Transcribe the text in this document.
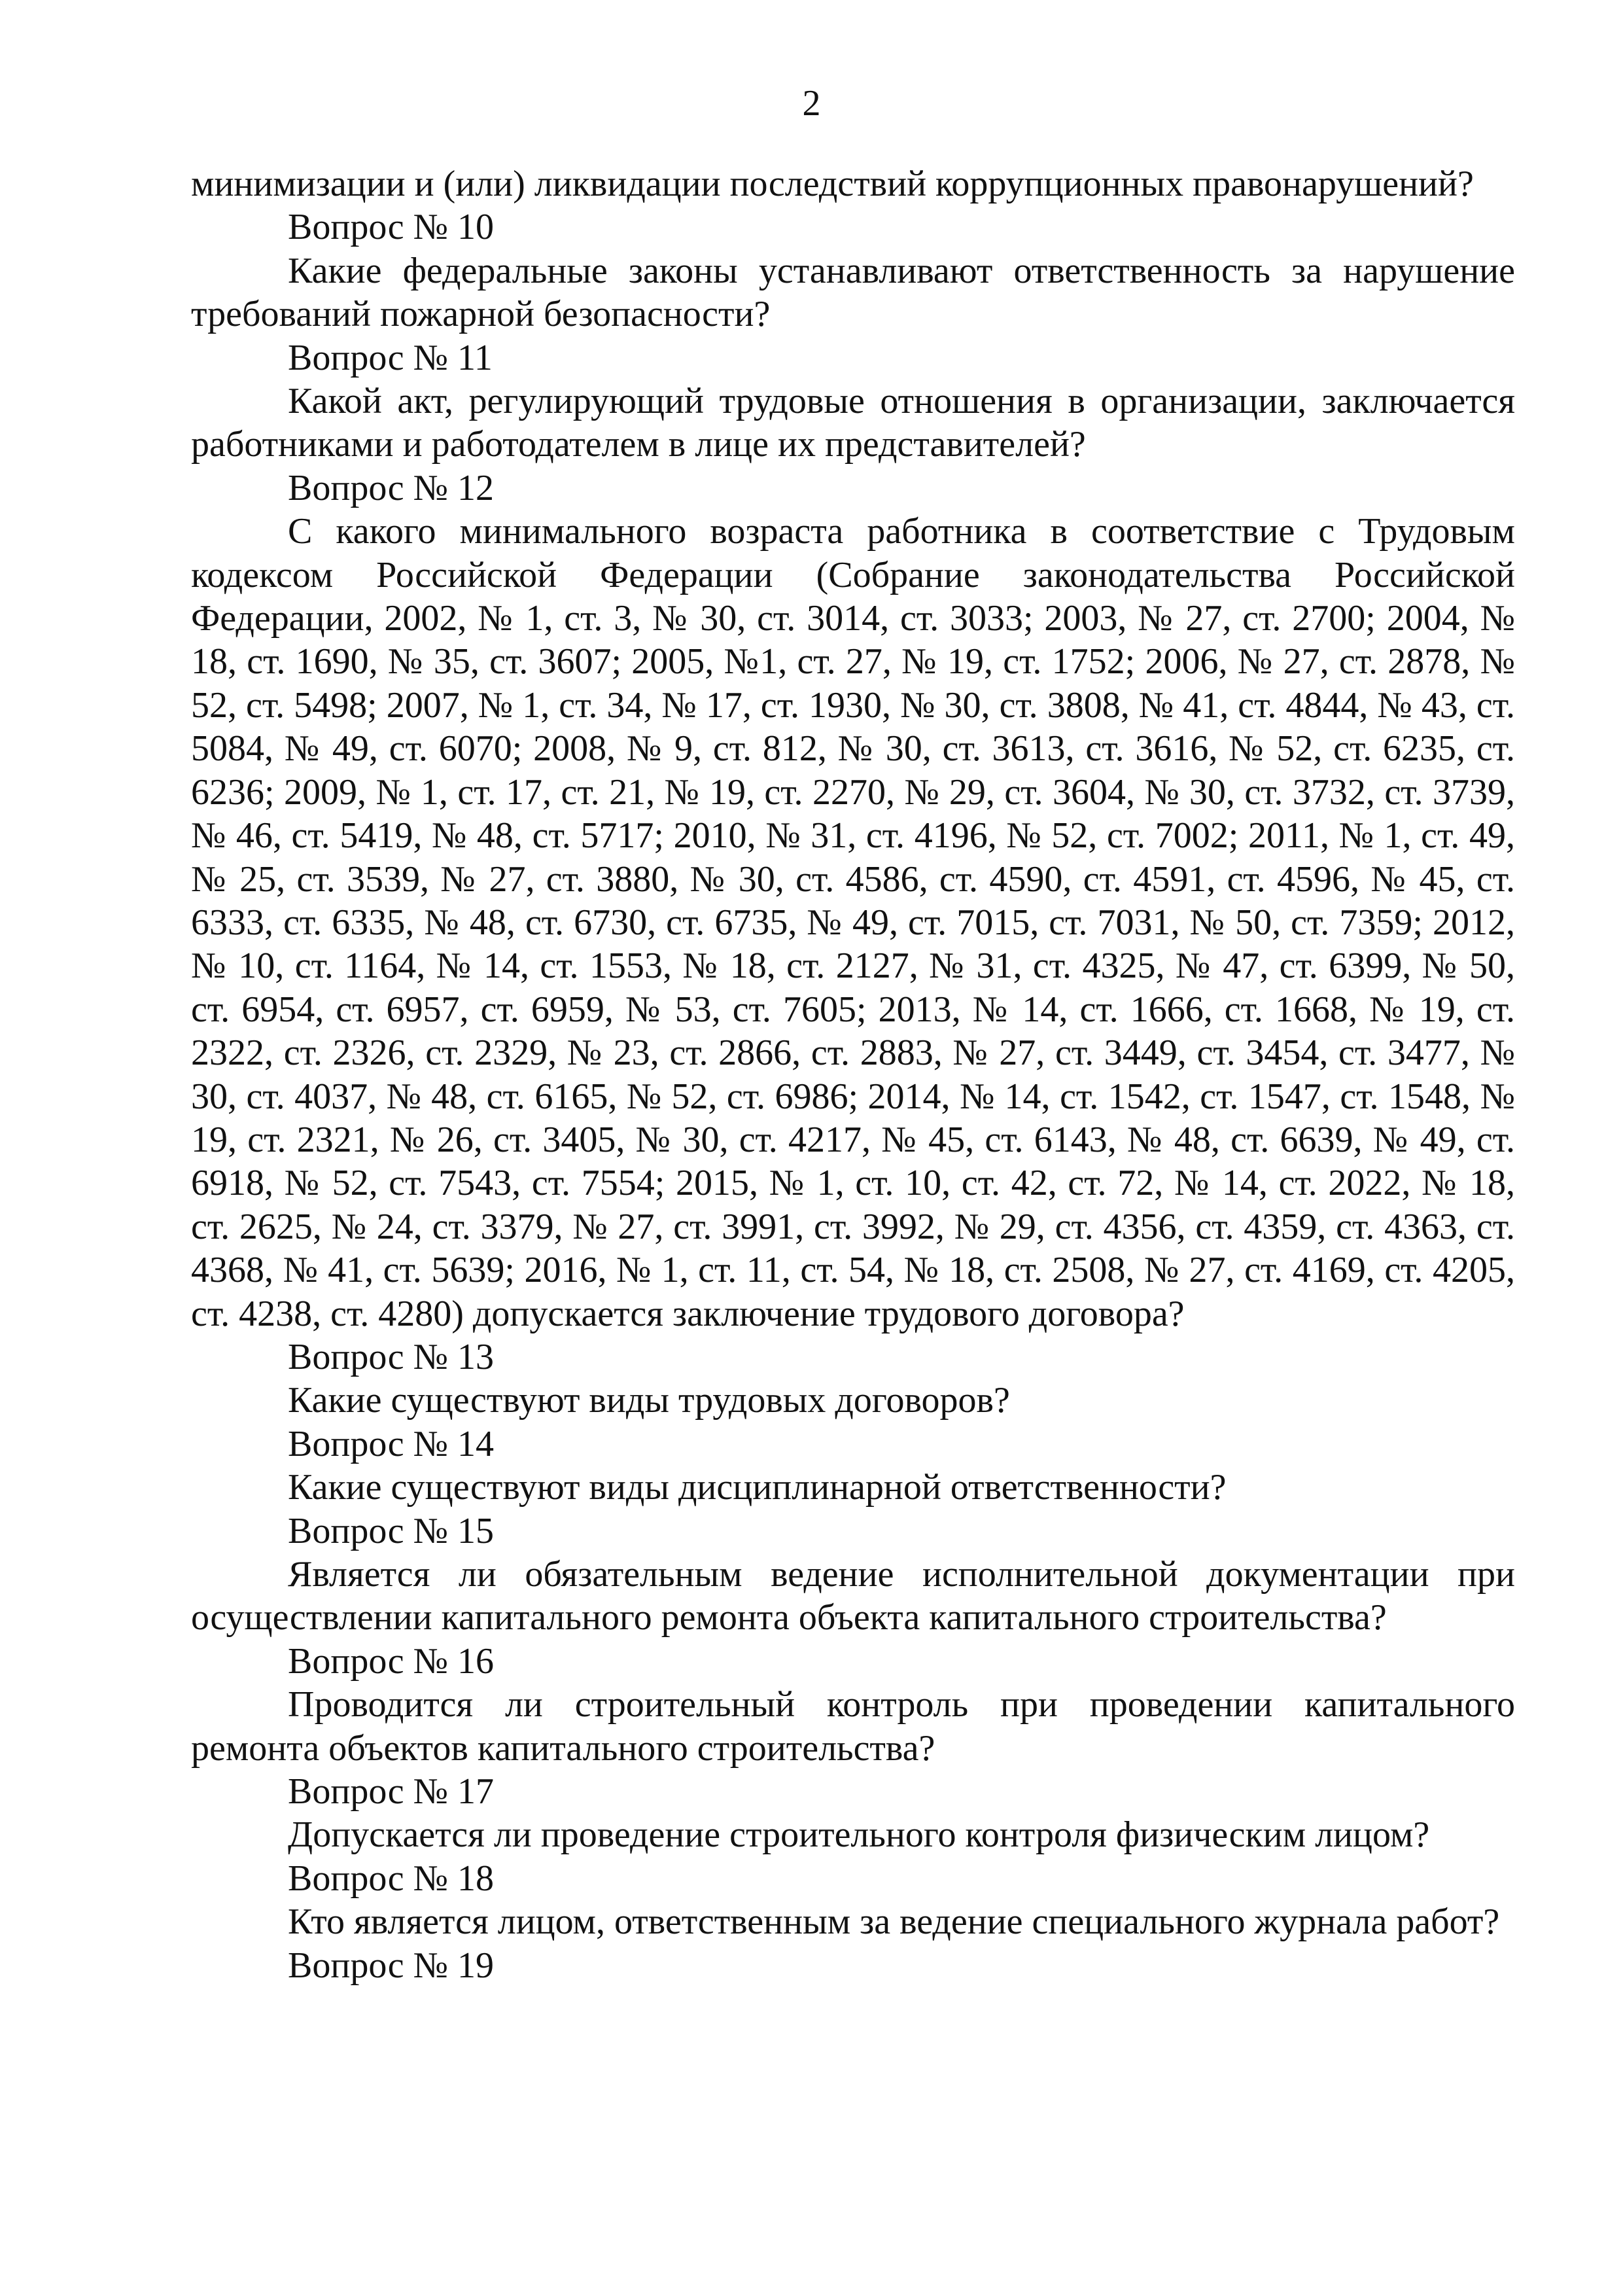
2

минимизации и (или) ликвидации последствий коррупционных правонарушений?

Вопрос № 10

Какие федеральные законы устанавливают ответственность за нарушение требований пожарной безопасности?

Вопрос № 11

Какой акт, регулирующий трудовые отношения в организации, заключается работниками и работодателем в лице их представителей?

Вопрос № 12

С какого минимального возраста работника в соответствие с Трудовым кодексом Российской Федерации (Собрание законодательства Российской Федерации, 2002, № 1, ст. 3, № 30, ст. 3014, ст. 3033; 2003, № 27, ст. 2700; 2004, № 18, ст. 1690, № 35, ст. 3607; 2005, №1, ст. 27, № 19, ст. 1752; 2006, № 27, ст. 2878, № 52, ст. 5498; 2007, № 1, ст. 34, № 17, ст. 1930, № 30, ст. 3808, № 41, ст. 4844, № 43, ст. 5084, № 49, ст. 6070; 2008, № 9, ст. 812, № 30, ст. 3613, ст. 3616, № 52, ст. 6235, ст. 6236; 2009, № 1, ст. 17, ст. 21, № 19, ст. 2270, № 29, ст. 3604, № 30, ст. 3732, ст. 3739, № 46, ст. 5419, № 48, ст. 5717; 2010, № 31, ст. 4196, № 52, ст. 7002; 2011, № 1, ст. 49, № 25, ст. 3539, № 27, ст. 3880, № 30, ст. 4586, ст. 4590, ст. 4591, ст. 4596, № 45, ст. 6333, ст. 6335, № 48, ст. 6730, ст. 6735, № 49, ст. 7015, ст. 7031, № 50, ст. 7359; 2012, № 10, ст. 1164, № 14, ст. 1553, № 18, ст. 2127, № 31, ст. 4325, № 47, ст. 6399, № 50, ст. 6954, ст. 6957, ст. 6959, № 53, ст. 7605; 2013, № 14, ст. 1666, ст. 1668, № 19, ст. 2322, ст. 2326, ст. 2329, № 23, ст. 2866, ст. 2883, № 27, ст. 3449, ст. 3454, ст. 3477, № 30, ст. 4037, № 48, ст. 6165, № 52, ст. 6986; 2014, № 14, ст. 1542, ст. 1547, ст. 1548, № 19, ст. 2321, № 26, ст. 3405, № 30, ст. 4217, № 45, ст. 6143, № 48, ст. 6639, № 49, ст. 6918, № 52, ст. 7543, ст. 7554; 2015, № 1, ст. 10, ст. 42, ст. 72, № 14, ст. 2022, № 18, ст. 2625, № 24, ст. 3379, № 27, ст. 3991, ст. 3992, № 29, ст. 4356, ст. 4359, ст. 4363, ст. 4368, № 41, ст. 5639; 2016, № 1, ст. 11, ст. 54, № 18, ст. 2508, № 27, ст. 4169, ст. 4205, ст. 4238, ст. 4280) допускается заключение трудового договора?

Вопрос № 13

Какие существуют виды трудовых договоров?

Вопрос № 14

Какие существуют виды дисциплинарной ответственности?

Вопрос № 15

Является ли обязательным ведение исполнительной документации при осуществлении капитального ремонта объекта капитального строительства?

Вопрос № 16

Проводится ли строительный контроль при проведении капитального ремонта объектов капитального строительства?

Вопрос № 17

Допускается ли проведение строительного контроля физическим лицом?

Вопрос № 18

Кто является лицом, ответственным за ведение специального журнала работ?

Вопрос № 19
